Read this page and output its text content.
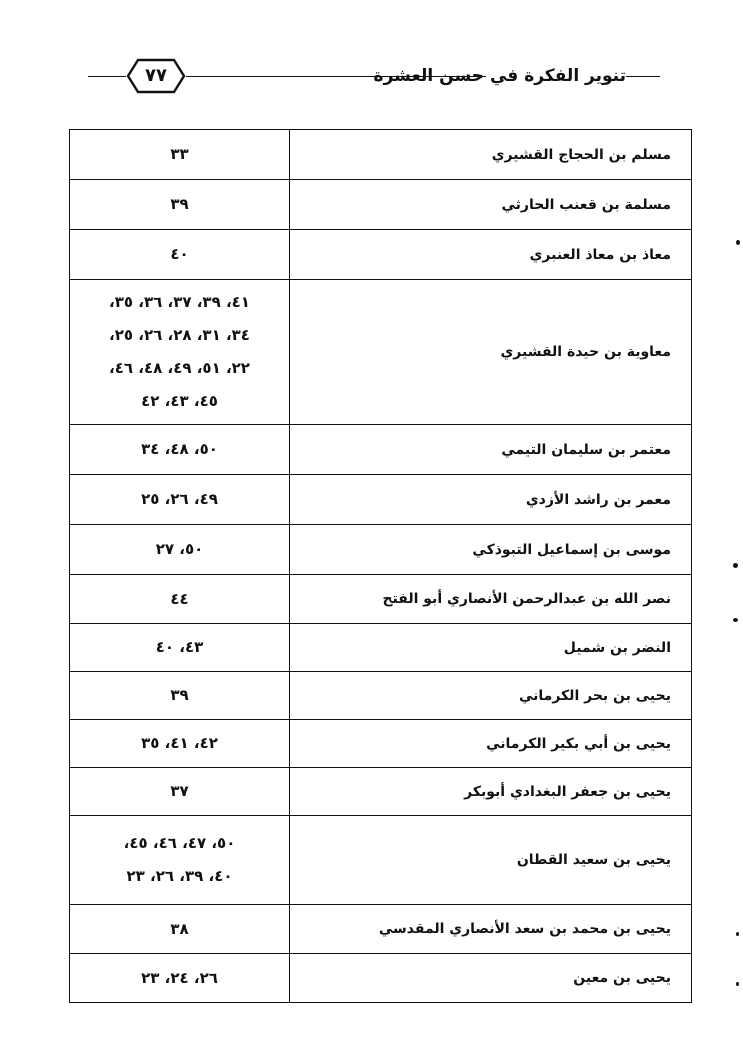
٧٧	تنوير الفكرة في حسن العشرة
مسلم بن الحجاج القشيري	٣٣

مسلمة بن قعنب الحارثي	٣٩

معاذ بن معاذ العنبري	٤٠

معاوية بن حيدة القشيري	٤١، ٣٩، ٣٧، ٣٦، ٣٥،
٣٤، ٣١، ٢٨، ٢٦، ٢٥،
٢٢، ٥١، ٤٩، ٤٨، ٤٦،
٤٥، ٤٣، ٤٢

معتمر بن سليمان التيمي	٥٠، ٤٨، ٣٤

معمر بن راشد الأزدي	٤٩، ٢٦، ٢٥

موسى بن إسماعيل التبوذكي	٥٠، ٢٧

نصر الله بن عبدالرحمن الأنصاري أبو الفتح	٤٤

النضر بن شميل	٤٣، ٤٠

يحيى بن بحر الكرماني	٣٩

يحيى بن أبي بكير الكرماني	٤٢، ٤١، ٣٥

يحيى بن جعفر البغدادي أبوبكر	٣٧

يحيى بن سعيد القطان	٥٠، ٤٧، ٤٦، ٤٥،
٤٠، ٣٩، ٢٦، ٢٣

يحيى بن محمد بن سعد الأنصاري المقدسي	٣٨

يحيى بن معين	٢٦، ٢٤، ٢٣
